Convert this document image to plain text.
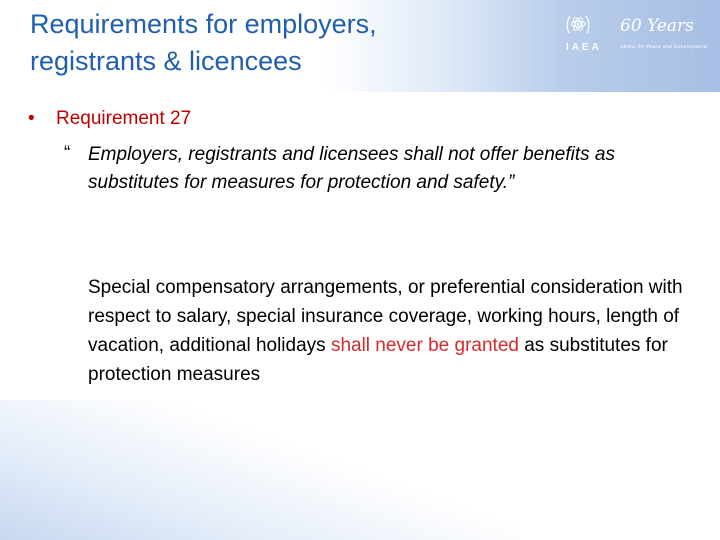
Requirements for employers,
registrants & licencees	IAEA
60 Years
Atoms for Peace and Development
• Requirement 27
“ Employers, registrants and licensees shall not offer benefits as substitutes for measures for protection and safety.”

Special compensatory arrangements, or preferential consideration with respect to salary, special insurance coverage, working hours, length of vacation, additional holidays shall never be granted as substitutes for protection measures
